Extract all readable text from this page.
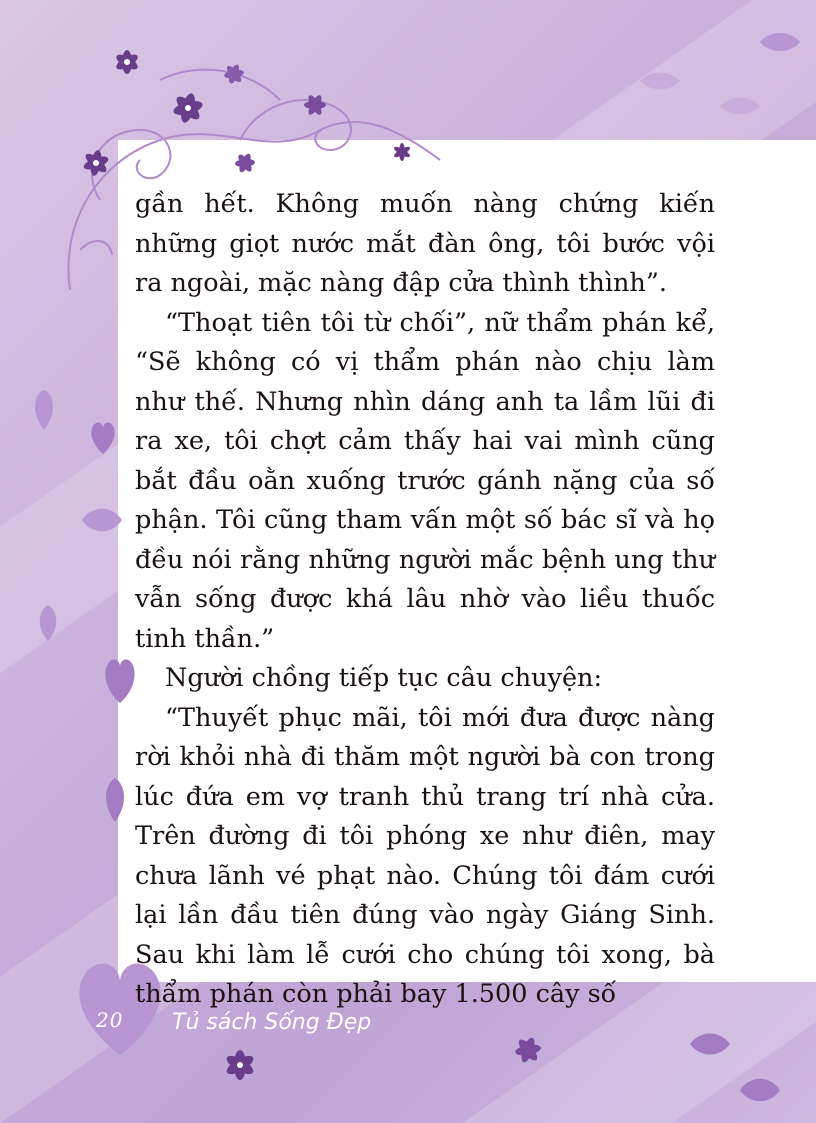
gần hết. Không muốn nàng chứng kiến những giọt nước mắt đàn ông, tôi bước vội ra ngoài, mặc nàng đập cửa thình thình”.

“Thoạt tiên tôi từ chối”, nữ thẩm phán kể, “Sẽ không có vị thẩm phán nào chịu làm như thế. Nhưng nhìn dáng anh ta lầm lũi đi ra xe, tôi chợt cảm thấy hai vai mình cũng bắt đầu oằn xuống trước gánh nặng của số phận. Tôi cũng tham vấn một số bác sĩ và họ đều nói rằng những người mắc bệnh ung thư vẫn sống được khá lâu nhờ vào liều thuốc tinh thần.”

Người chồng tiếp tục câu chuyện:

“Thuyết phục mãi, tôi mới đưa được nàng rời khỏi nhà đi thăm một người bà con trong lúc đứa em vợ tranh thủ trang trí nhà cửa. Trên đường đi tôi phóng xe như điên, may chưa lãnh vé phạt nào. Chúng tôi đám cưới lại lần đầu tiên đúng vào ngày Giáng Sinh. Sau khi làm lễ cưới cho chúng tôi xong, bà thẩm phán còn phải bay 1.500 cây số

20 Tủ sách Sống Đẹp
